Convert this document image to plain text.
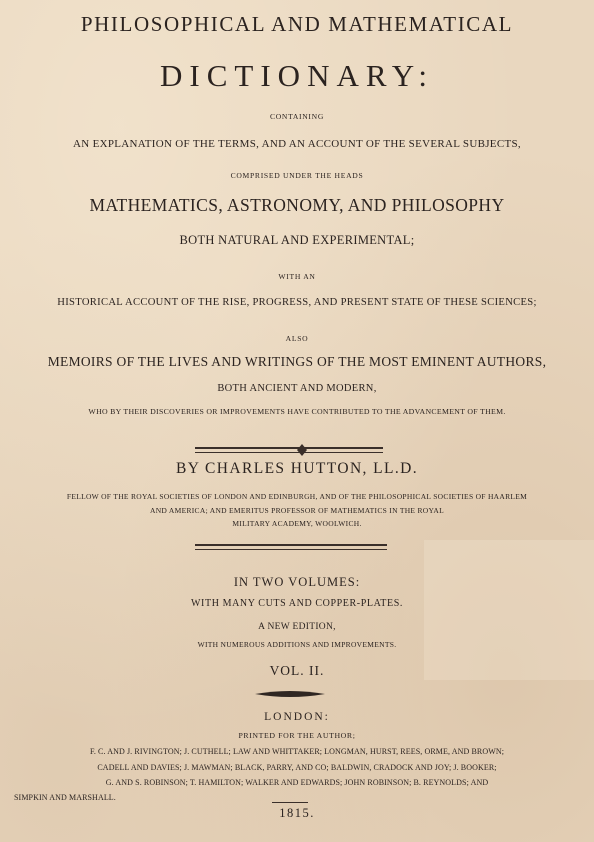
PHILOSOPHICAL AND MATHEMATICAL
DICTIONARY:
CONTAINING
AN EXPLANATION OF THE TERMS, AND AN ACCOUNT OF THE SEVERAL SUBJECTS,
COMPRISED UNDER THE HEADS
MATHEMATICS, ASTRONOMY, AND PHILOSOPHY
BOTH NATURAL AND EXPERIMENTAL;
WITH AN
HISTORICAL ACCOUNT OF THE RISE, PROGRESS, AND PRESENT STATE OF THESE SCIENCES;
ALSO
MEMOIRS OF THE LIVES AND WRITINGS OF THE MOST EMINENT AUTHORS,
BOTH ANCIENT AND MODERN,
WHO BY THEIR DISCOVERIES OR IMPROVEMENTS HAVE CONTRIBUTED TO THE ADVANCEMENT OF THEM.
BY CHARLES HUTTON, LL.D.
FELLOW OF THE ROYAL SOCIETIES OF LONDON AND EDINBURGH, AND OF THE PHILOSOPHICAL SOCIETIES OF HAARLEM
AND AMERICA; AND EMERITUS PROFESSOR OF MATHEMATICS IN THE ROYAL
MILITARY ACADEMY, WOOLWICH.
IN TWO VOLUMES:
WITH MANY CUTS AND COPPER-PLATES.
A NEW EDITION,
WITH NUMEROUS ADDITIONS AND IMPROVEMENTS.
VOL. II.
LONDON:
PRINTED FOR THE AUTHOR;
F. C. AND J. RIVINGTON; J. CUTHELL; LAW AND WHITTAKER; LONGMAN, HURST, REES, ORME, AND BROWN;
CADELL AND DAVIES; J. MAWMAN; BLACK, PARRY, AND CO; BALDWIN, CRADOCK AND JOY; J. BOOKER;
G. AND S. ROBINSON; T. HAMILTON; WALKER AND EDWARDS; JOHN ROBINSON; B. REYNOLDS; AND
SIMPKIN AND MARSHALL.
1815.
